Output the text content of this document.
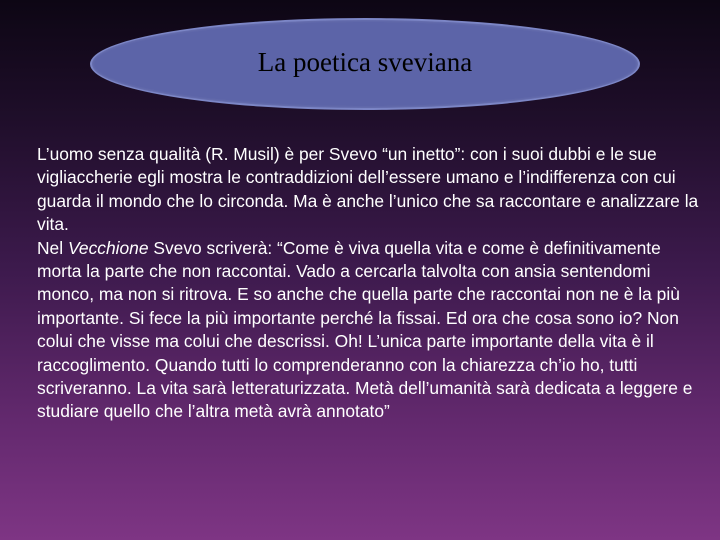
La poetica sveviana

L’uomo senza qualità (R. Musil) è per Svevo “un inetto”: con i suoi dubbi e le sue vigliaccherie egli mostra le contraddizioni dell’essere umano e l’indifferenza con cui guarda il mondo che lo circonda. Ma è anche l’unico che sa raccontare e analizzare la vita.

Nel Vecchione Svevo scriverà: “Come è viva quella vita e come è definitivamente morta la parte che non raccontai. Vado a cercarla talvolta con ansia sentendomi monco, ma non si ritrova. E so anche che quella parte che raccontai non ne è la più importante. Si fece la più importante perché la fissai. Ed ora che cosa sono io? Non colui che visse ma colui che descrissi. Oh! L’unica parte importante della vita è il raccoglimento. Quando tutti lo comprenderanno con la chiarezza ch’io ho, tutti scriveranno. La vita sarà letteraturizzata. Metà dell’umanità sarà dedicata a leggere e studiare quello che l’altra metà avrà annotato”
